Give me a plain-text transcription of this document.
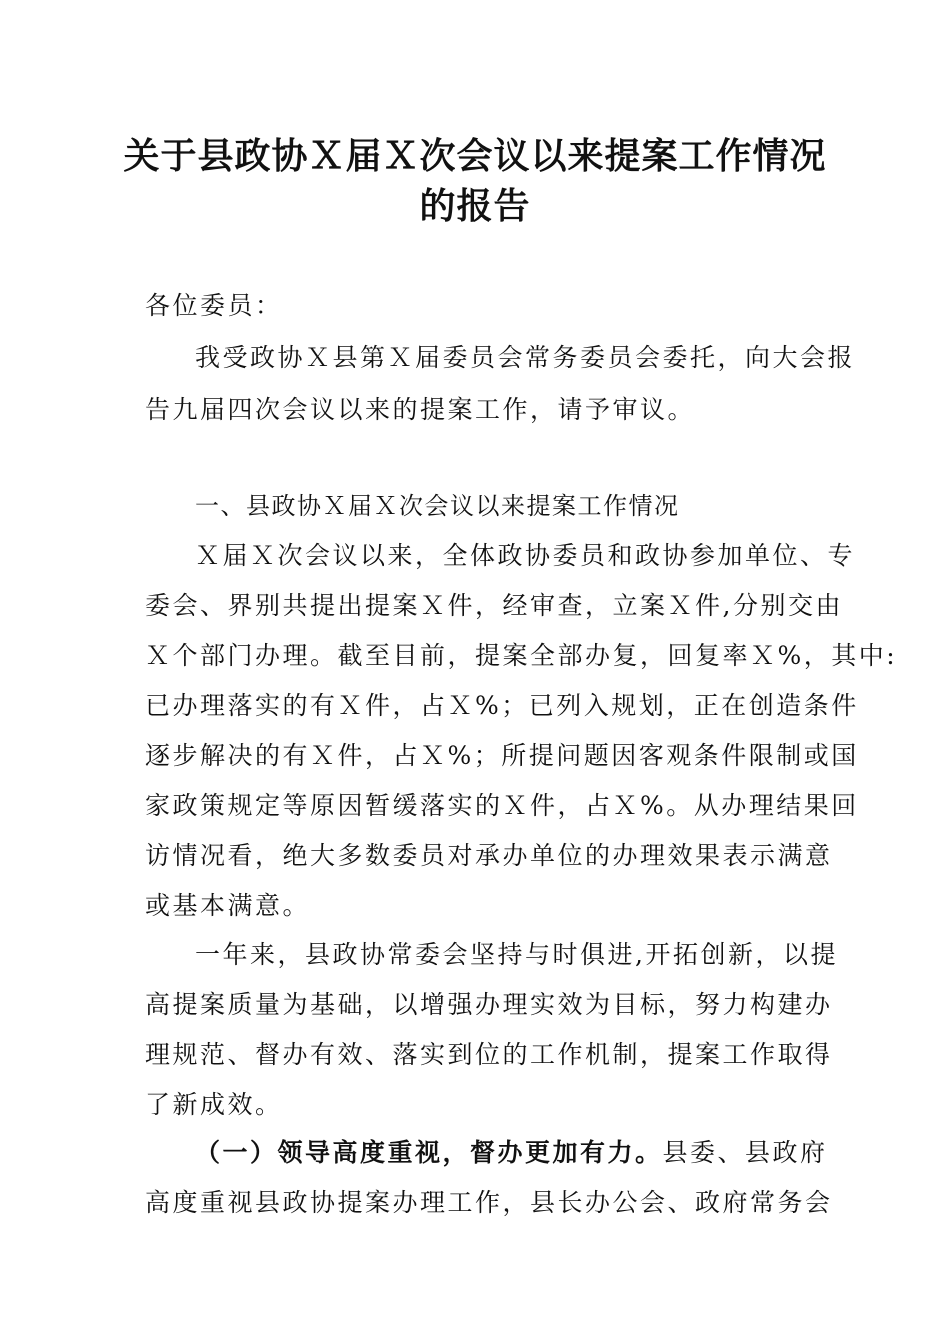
关于县政协Ｘ届Ｘ次会议以来提案工作情况
的报告
各位委员：
我受政协Ｘ县第Ｘ届委员会常务委员会委托，向大会报
告九届四次会议以来的提案工作，请予审议。
一、县政协Ｘ届Ｘ次会议以来提案工作情况
Ｘ届Ｘ次会议以来，全体政协委员和政协参加单位、专
委会、界别共提出提案Ｘ件，经审查，立案Ｘ件,分别交由
Ｘ个部门办理。截至目前，提案全部办复，回复率Ｘ%，其中:
已办理落实的有Ｘ件，占Ｘ%；已列入规划，正在创造条件
逐步解决的有Ｘ件，占Ｘ%；所提问题因客观条件限制或国
家政策规定等原因暂缓落实的Ｘ件，占Ｘ%。从办理结果回
访情况看，绝大多数委员对承办单位的办理效果表示满意
或基本满意。
一年来，县政协常委会坚持与时俱进,开拓创新，以提
高提案质量为基础，以增强办理实效为目标，努力构建办
理规范、督办有效、落实到位的工作机制，提案工作取得
了新成效。
（一）领导高度重视，督办更加有力。县委、县政府
高度重视县政协提案办理工作，县长办公会、政府常务会
